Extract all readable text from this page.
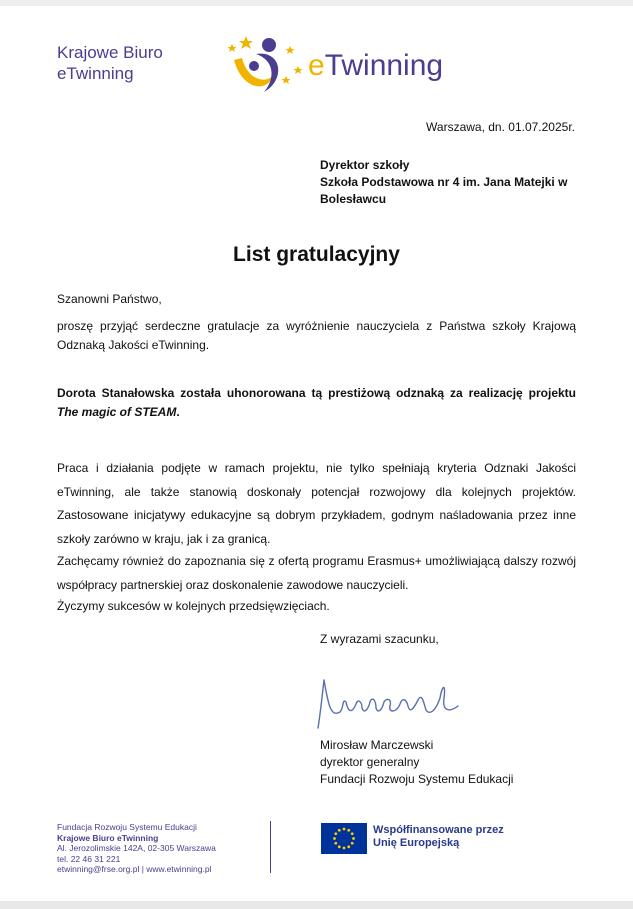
Krajowe Biuro
eTwinning	eTwinning
Warszawa, dn. 01.07.2025r.
Dyrektor szkoły
Szkoła Podstawowa nr 4 im. Jana Matejki w
Bolesławcu
List gratulacyjny
Szanowni Państwo,
proszę przyjąć serdeczne gratulacje za wyróżnienie nauczyciela z Państwa szkoły Krajową Odznaką Jakości eTwinning.
Dorota Stanałowska została uhonorowana tą prestiżową odznaką za realizację projektu The magic of STEAM.
Praca i działania podjęte w ramach projektu, nie tylko spełniają kryteria Odznaki Jakości eTwinning, ale także stanowią doskonały potencjał rozwojowy dla kolejnych projektów. Zastosowane inicjatywy edukacyjne są dobrym przykładem, godnym naśladowania przez inne szkoły zarówno w kraju, jak i za granicą.
Zachęcamy również do zapoznania się z ofertą programu Erasmus+ umożliwiającą dalszy rozwój współpracy partnerskiej oraz doskonalenie zawodowe nauczycieli.
Życzymy sukcesów w kolejnych przedsięwzięciach.
Z wyrazami szacunku,
Mirosław Marczewski
dyrektor generalny
Fundacji Rozwoju Systemu Edukacji
Fundacja Rozwoju Systemu Edukacji
Krajowe Biuro eTwinning
Al. Jerozolimskie 142A, 02-305 Warszawa
tel. 22 46 31 221
etwinning@frse.org.pl | www.etwinning.pl
Współfinansowane przez
Unię Europejską
